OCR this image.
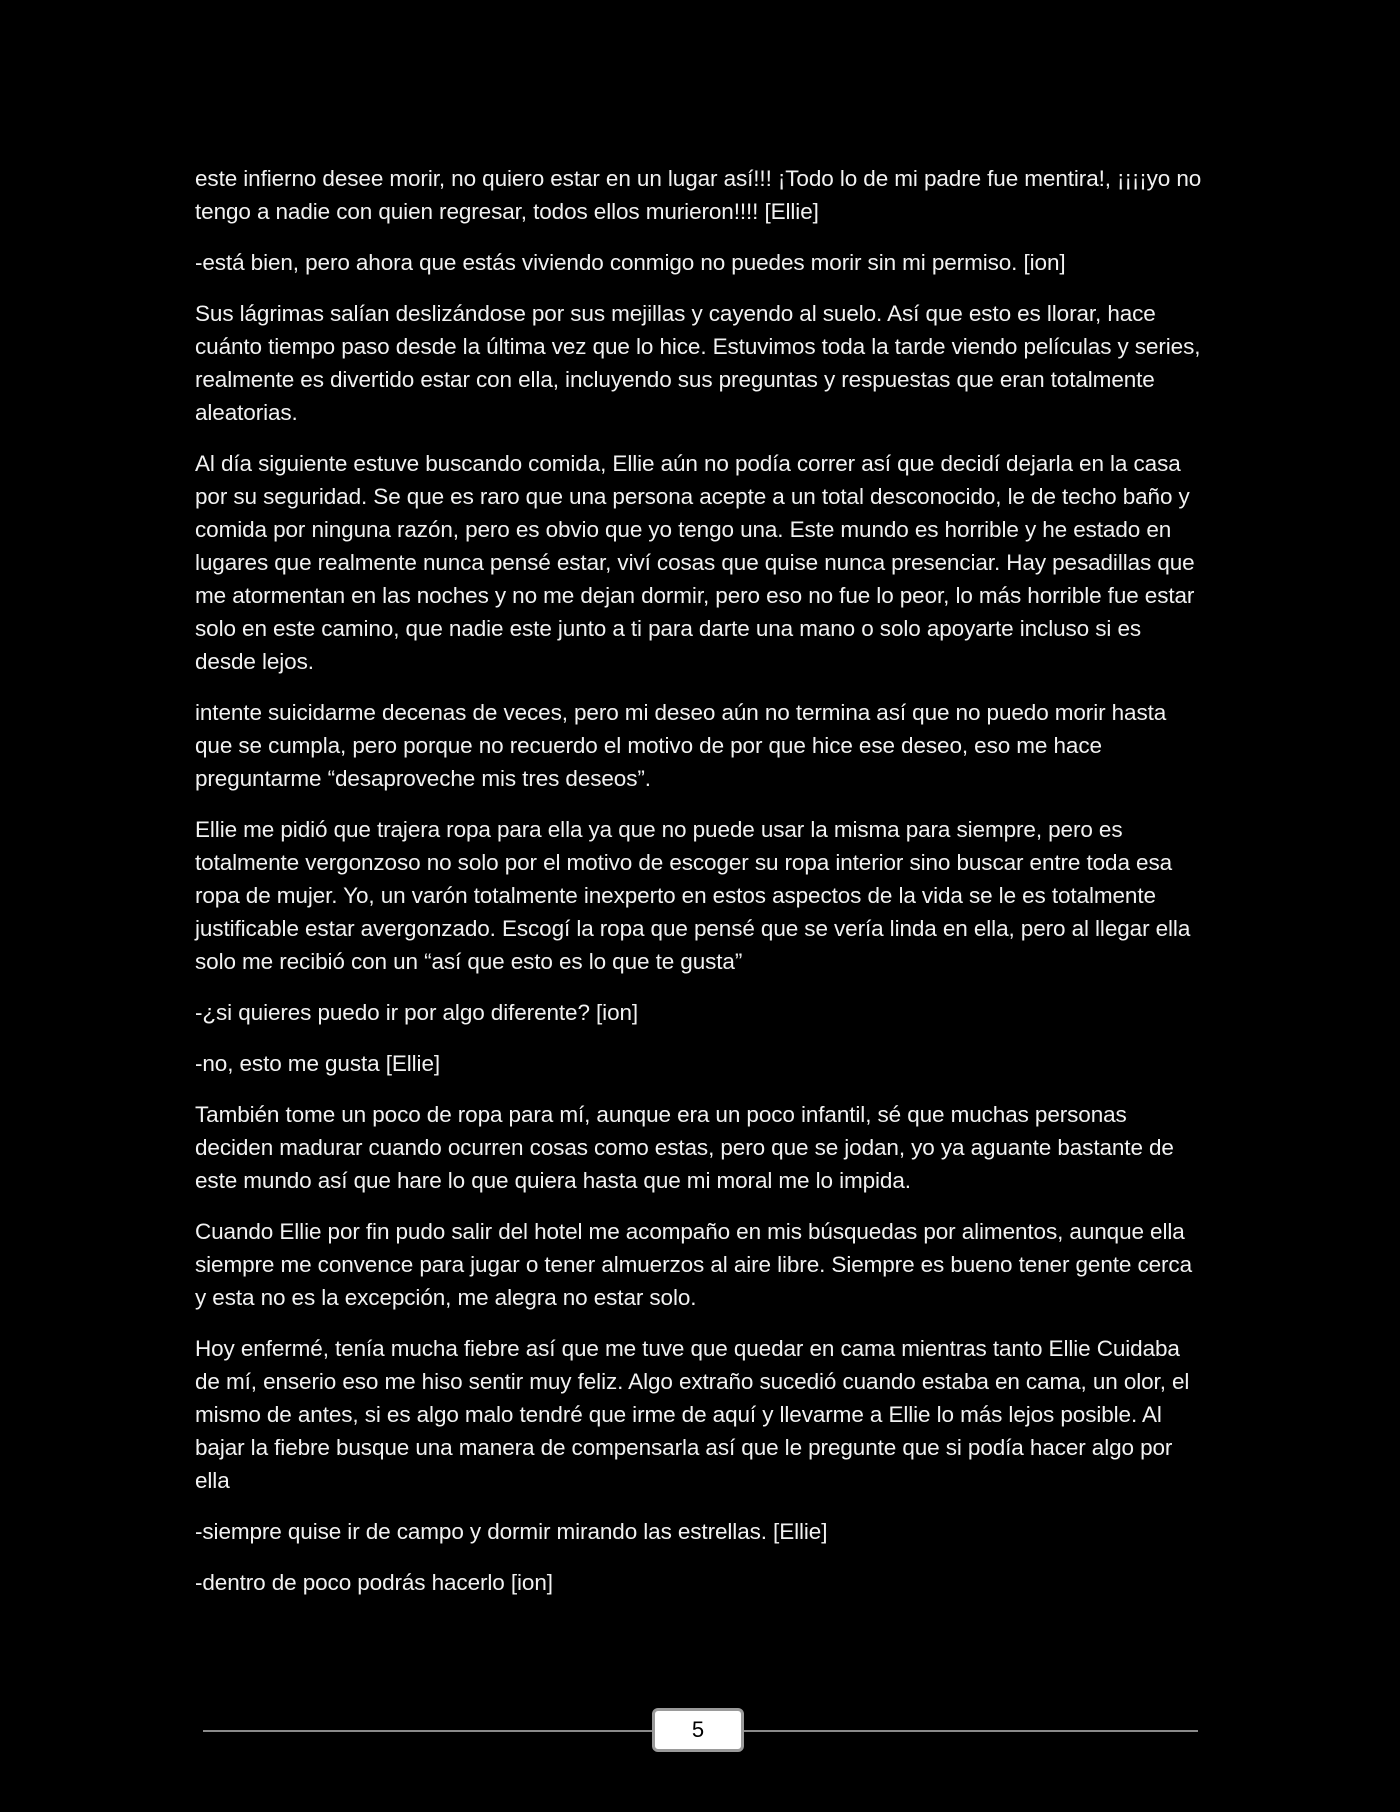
este infierno desee morir, no quiero estar en un lugar así!!! ¡Todo lo de mi padre fue mentira!, ¡¡¡¡yo no tengo a nadie con quien regresar, todos ellos murieron!!!! [Ellie]

-está bien, pero ahora que estás viviendo conmigo no puedes morir sin mi permiso. [ion]

Sus lágrimas salían deslizándose por sus mejillas y cayendo al suelo. Así que esto es llorar, hace cuánto tiempo paso desde la última vez que lo hice. Estuvimos toda la tarde viendo películas y series, realmente es divertido estar con ella, incluyendo sus preguntas y respuestas que eran totalmente aleatorias.

Al día siguiente estuve buscando comida, Ellie aún no podía correr así que decidí dejarla en la casa por su seguridad. Se que es raro que una persona acepte a un total desconocido, le de techo baño y comida por ninguna razón, pero es obvio que yo tengo una. Este mundo es horrible y he estado en lugares que realmente nunca pensé estar, viví cosas que quise nunca presenciar. Hay pesadillas que me atormentan en las noches y no me dejan dormir, pero eso no fue lo peor, lo más horrible fue estar solo en este camino, que nadie este junto a ti para darte una mano o solo apoyarte incluso si es desde lejos.

intente suicidarme decenas de veces, pero mi deseo aún no termina así que no puedo morir hasta que se cumpla, pero porque no recuerdo el motivo de por que hice ese deseo, eso me hace preguntarme “desaproveche mis tres deseos”.

Ellie me pidió que trajera ropa para ella ya que no puede usar la misma para siempre, pero es totalmente vergonzoso no solo por el motivo de escoger su ropa interior sino buscar entre toda esa ropa de mujer. Yo, un varón totalmente inexperto en estos aspectos de la vida se le es totalmente justificable estar avergonzado. Escogí la ropa que pensé que se vería linda en ella, pero al llegar ella solo me recibió con un “así que esto es lo que te gusta”

-¿si quieres puedo ir por algo diferente? [ion]

-no, esto me gusta [Ellie]

También tome un poco de ropa para mí, aunque era un poco infantil, sé que muchas personas deciden madurar cuando ocurren cosas como estas, pero que se jodan, yo ya aguante bastante de este mundo así que hare lo que quiera hasta que mi moral me lo impida.

Cuando Ellie por fin pudo salir del hotel me acompaño en mis búsquedas por alimentos, aunque ella siempre me convence para jugar o tener almuerzos al aire libre. Siempre es bueno tener gente cerca y esta no es la excepción, me alegra no estar solo.

Hoy enfermé, tenía mucha fiebre así que me tuve que quedar en cama mientras tanto Ellie Cuidaba de mí, enserio eso me hiso sentir muy feliz. Algo extraño sucedió cuando estaba en cama, un olor, el mismo de antes, si es algo malo tendré que irme de aquí y llevarme a Ellie lo más lejos posible. Al bajar la fiebre busque una manera de compensarla así que le pregunte que si podía hacer algo por ella

-siempre quise ir de campo y dormir mirando las estrellas. [Ellie]

-dentro de poco podrás hacerlo [ion]

5
